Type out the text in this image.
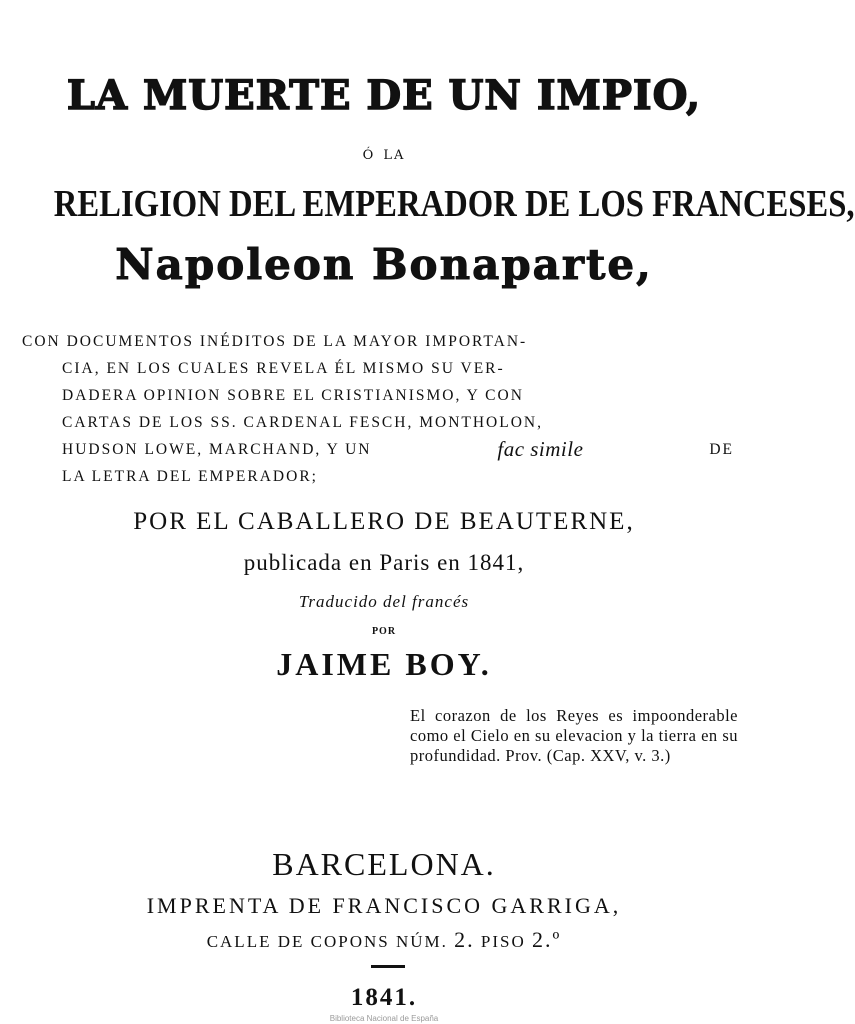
LA MUERTE DE UN IMPIO,
ó la
RELIGION DEL EMPERADOR DE LOS FRANCESES,
Napoleon Bonaparte,
CON DOCUMENTOS INÉDITOS DE LA MAYOR IMPORTAN-
CIA, EN LOS CUALES REVELA ÉL MISMO SU VER-
DADERA OPINION SOBRE EL CRISTIANISMO, Y CON
CARTAS DE LOS SS. CARDENAL FESCH, MONTHOLON,
HUDSON LOWE, MARCHAND, Y UN	fac simile	DE
LA LETRA DEL EMPERADOR;
POR EL CABALLERO DE BEAUTERNE,
publicada en Paris en 1841,
Traducido del francés
POR
JAIME BOY.
El corazon de los Reyes es impoonderable como el Cielo en su elevacion y la tierra en su profundidad. Prov. (Cap. XXV, v. 3.)
BARCELONA.
IMPRENTA DE FRANCISCO GARRIGA,
CALLE DE COPONS NÚM. 2. PISO 2.º
1841.
Biblioteca Nacional de España
